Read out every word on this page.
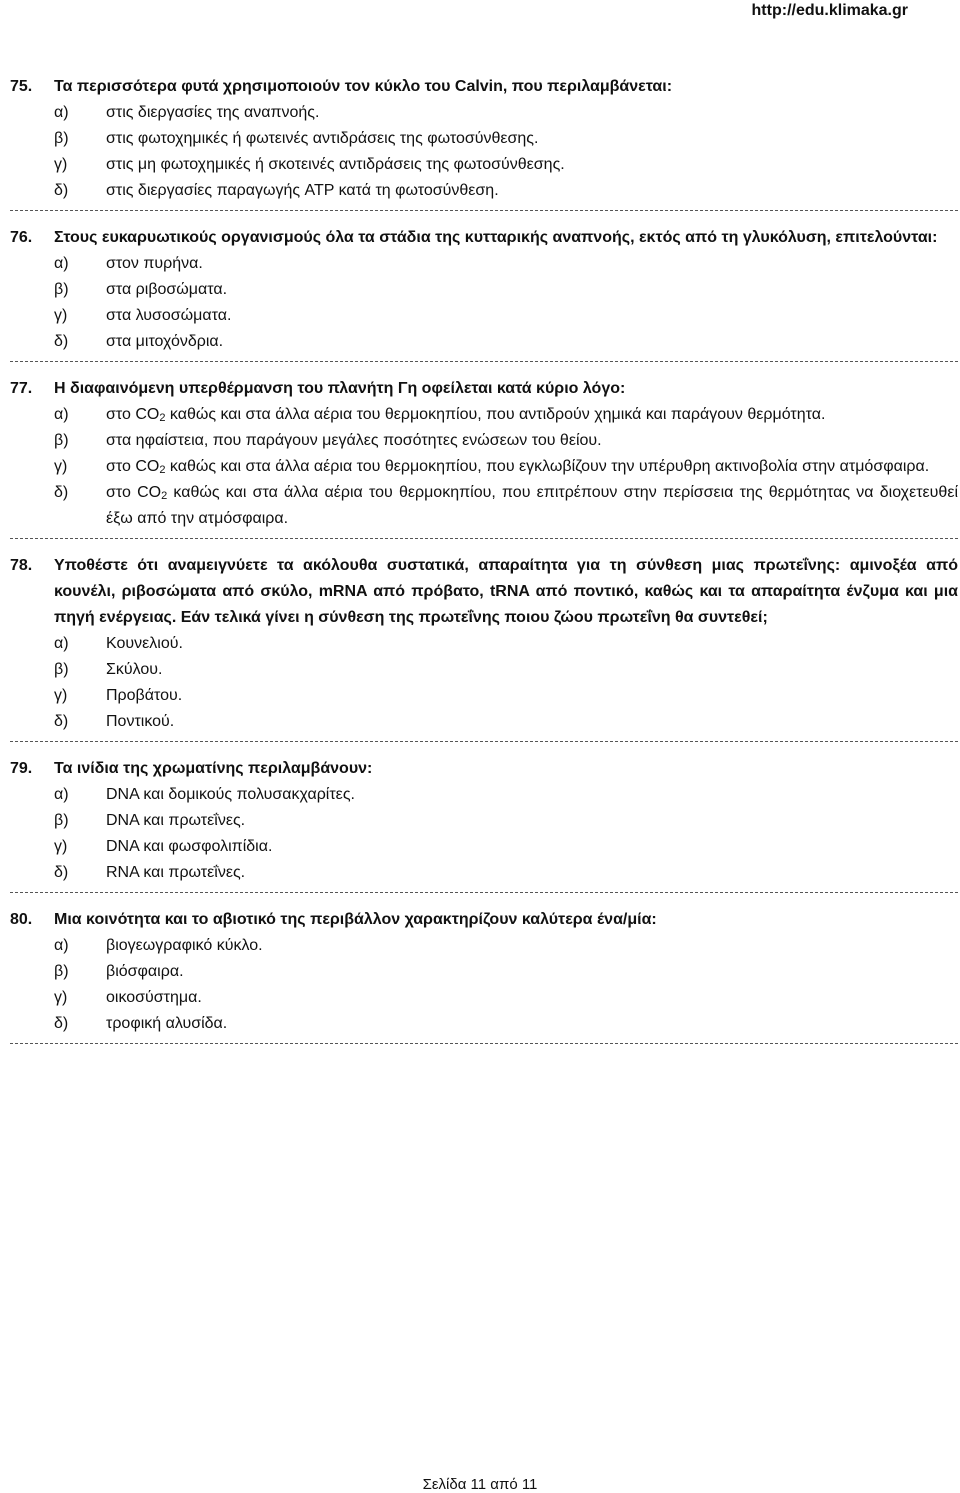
http://edu.klimaka.gr
75.	Τα περισσότερα φυτά χρησιμοποιούν τον κύκλο του Calvin, που περιλαμβάνεται:
α)	στις διεργασίες της αναπνοής.
β)	στις φωτοχημικές ή φωτεινές αντιδράσεις της φωτοσύνθεσης.
γ)	στις μη φωτοχημικές ή σκοτεινές αντιδράσεις της φωτοσύνθεσης.
δ)	στις διεργασίες παραγωγής ATP κατά τη φωτοσύνθεση.
76.	Στους ευκαρυωτικούς οργανισμούς όλα τα στάδια της κυτταρικής αναπνοής, εκτός από τη γλυκόλυση, επιτελούνται:
α)	στον πυρήνα.
β)	στα ριβοσώματα.
γ)	στα λυσοσώματα.
δ)	στα μιτοχόνδρια.
77.	Η διαφαινόμενη υπερθέρμανση του πλανήτη Γη οφείλεται κατά κύριο λόγο:
α)	στο $CO_2$ καθώς και στα άλλα αέρια του θερμοκηπίου, που αντιδρούν χημικά και παράγουν θερμότητα.
β)	στα ηφαίστεια, που παράγουν μεγάλες ποσότητες ενώσεων του θείου.
γ)	στο $CO_2$ καθώς και στα άλλα αέρια του θερμοκηπίου, που εγκλωβίζουν την υπέρυθρη ακτινοβολία στην ατμόσφαιρα.
δ)	στο $CO_2$ καθώς και στα άλλα αέρια του θερμοκηπίου, που επιτρέπουν στην περίσσεια της θερμότητας να διοχετευθεί έξω από την ατμόσφαιρα.
78.	Υποθέστε ότι αναμειγνύετε τα ακόλουθα συστατικά, απαραίτητα για τη σύνθεση μιας πρωτεΐνης: αμινοξέα από κουνέλι, ριβοσώματα από σκύλο, mRNA από πρόβατο, tRNA από ποντικό, καθώς και τα απαραίτητα ένζυμα και μια πηγή ενέργειας. Εάν τελικά γίνει η σύνθεση της πρωτεΐνης ποιου ζώου πρωτεΐνη θα συντεθεί;
α)	Κουνελιού.
β)	Σκύλου.
γ)	Προβάτου.
δ)	Ποντικού.
79.	Τα ινίδια της χρωματίνης περιλαμβάνουν:
α)	DNA και δομικούς πολυσακχαρίτες.
β)	DNA και πρωτεΐνες.
γ)	DNA και φωσφολιπίδια.
δ)	RNA και πρωτεΐνες.
80.	Μια κοινότητα και το αβιοτικό της περιβάλλον χαρακτηρίζουν καλύτερα ένα/μία:
α)	βιογεωγραφικό κύκλο.
β)	βιόσφαιρα.
γ)	οικοσύστημα.
δ)	τροφική αλυσίδα.
Σελίδα 11 από 11
